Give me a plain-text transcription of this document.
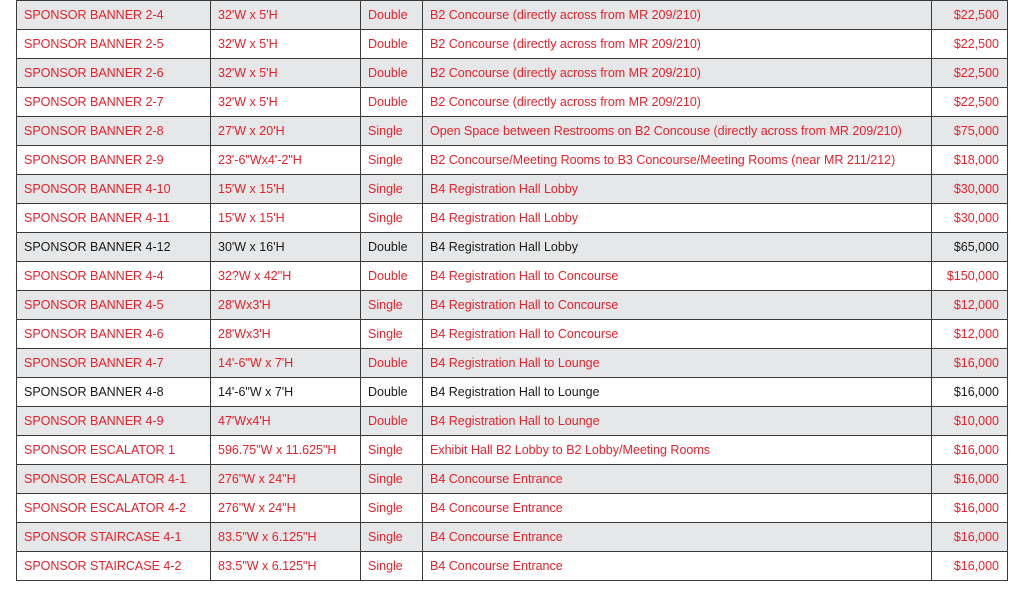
SPONSOR BANNER 2-4	32'W x 5'H	Double	B2 Concourse (directly across from MR 209/210)	$22,500
SPONSOR BANNER 2-5	32'W x 5'H	Double	B2 Concourse (directly across from MR 209/210)	$22,500
SPONSOR BANNER 2-6	32'W x 5'H	Double	B2 Concourse (directly across from MR 209/210)	$22,500
SPONSOR BANNER 2-7	32'W x 5'H	Double	B2 Concourse (directly across from MR 209/210)	$22,500
SPONSOR BANNER 2-8	27'W x 20'H	Single	Open Space between Restrooms on B2 Concouse (directly across from MR 209/210)	$75,000
SPONSOR BANNER 2-9	23'-6"Wx4'-2"H	Single	B2 Concourse/Meeting Rooms to B3 Concourse/Meeting Rooms (near MR 211/212)	$18,000
SPONSOR BANNER 4-10	15'W x 15'H	Single	B4 Registration Hall Lobby	$30,000
SPONSOR BANNER 4-11	15'W x 15'H	Single	B4 Registration Hall Lobby	$30,000
SPONSOR BANNER 4-12	30'W x 16'H	Double	B4 Registration Hall Lobby	$65,000
SPONSOR BANNER 4-4	32?W x 42"H	Double	B4 Registration Hall to Concourse	$150,000
SPONSOR BANNER 4-5	28'Wx3'H	Single	B4 Registration Hall to Concourse	$12,000
SPONSOR BANNER 4-6	28'Wx3'H	Single	B4 Registration Hall to Concourse	$12,000
SPONSOR BANNER 4-7	14'-6"W x 7'H	Double	B4 Registration Hall to Lounge	$16,000
SPONSOR BANNER 4-8	14'-6"W x 7'H	Double	B4 Registration Hall to Lounge	$16,000
SPONSOR BANNER 4-9	47'Wx4'H	Double	B4 Registration Hall to Lounge	$10,000
SPONSOR ESCALATOR 1	596.75"W x 11.625"H	Single	Exhibit Hall B2 Lobby to B2 Lobby/Meeting Rooms	$16,000
SPONSOR ESCALATOR 4-1	276"W x 24"H	Single	B4 Concourse Entrance	$16,000
SPONSOR ESCALATOR 4-2	276"W x 24"H	Single	B4 Concourse Entrance	$16,000
SPONSOR STAIRCASE 4-1	83.5"W x 6.125"H	Single	B4 Concourse Entrance	$16,000
SPONSOR STAIRCASE 4-2	83.5"W x 6.125"H	Single	B4 Concourse Entrance	$16,000
